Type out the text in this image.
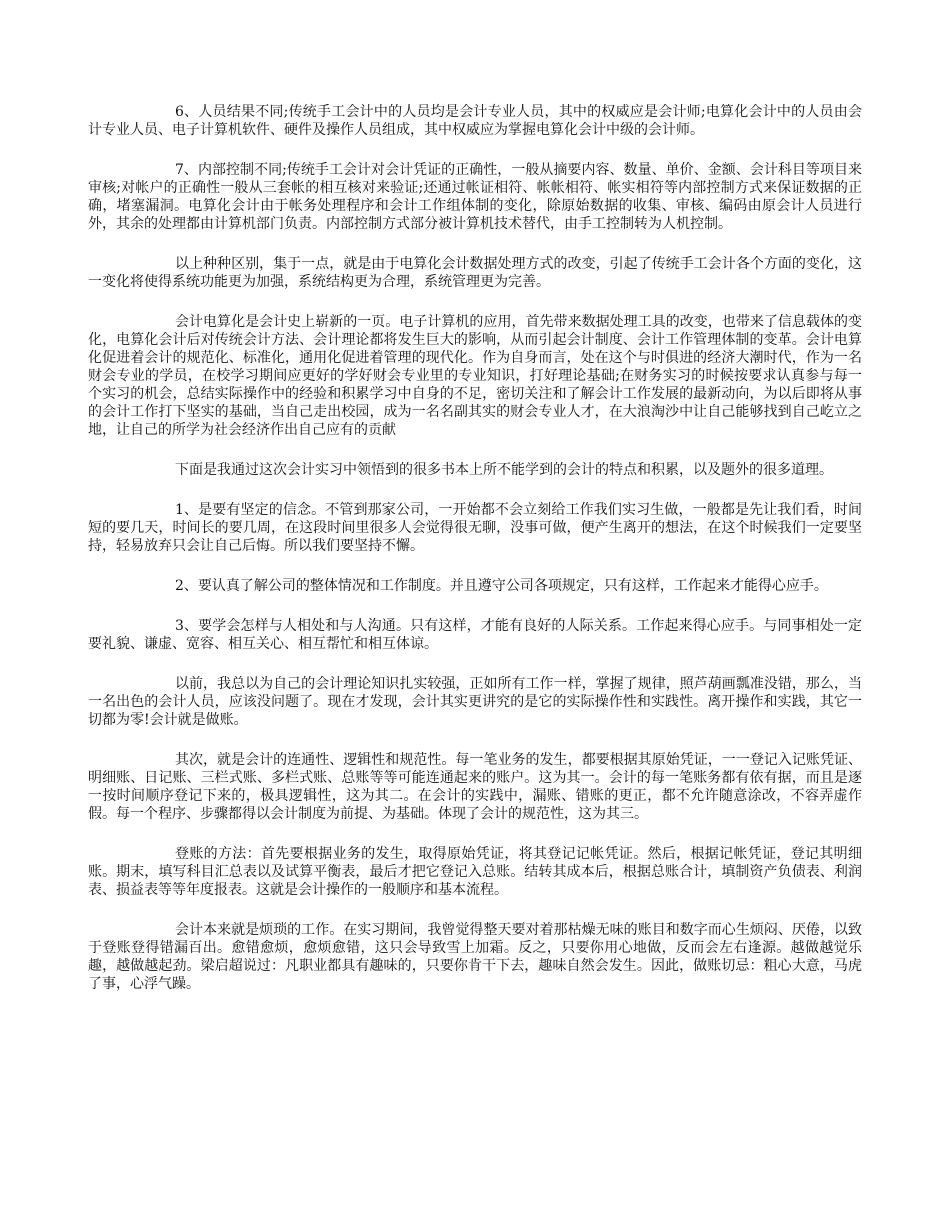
6、人员结果不同;传统手工会计中的人员均是会计专业人员，其中的权威应是会计师;电算化会计中的人员由会计专业人员、电子计算机软件、硬件及操作人员组成，其中权威应为掌握电算化会计中级的会计师。

7、内部控制不同;传统手工会计对会计凭证的正确性，一般从摘要内容、数量、单价、金额、会计科目等项目来审核;对帐户的正确性一般从三套帐的相互核对来验证;还通过帐证相符、帐帐相符、帐实相符等内部控制方式来保证数据的正确，堵塞漏洞。电算化会计由于帐务处理程序和会计工作组体制的变化，除原始数据的收集、审核、编码由原会计人员进行外，其余的处理都由计算机部门负责。内部控制方式部分被计算机技术替代，由手工控制转为人机控制。

以上种种区别，集于一点，就是由于电算化会计数据处理方式的改变，引起了传统手工会计各个方面的变化，这一变化将使得系统功能更为加强，系统结构更为合理，系统管理更为完善。

会计电算化是会计史上崭新的一页。电子计算机的应用，首先带来数据处理工具的改变，也带来了信息载体的变化，电算化会计后对传统会计方法、会计理论都将发生巨大的影响，从而引起会计制度、会计工作管理体制的变革。会计电算化促进着会计的规范化、标准化，通用化促进着管理的现代化。作为自身而言，处在这个与时俱进的经济大潮时代，作为一名财会专业的学员，在校学习期间应更好的学好财会专业里的专业知识，打好理论基础;在财务实习的时候按要求认真参与每一个实习的机会，总结实际操作中的经验和积累学习中自身的不足，密切关注和了解会计工作发展的最新动向，为以后即将从事的会计工作打下坚实的基础，当自己走出校园，成为一名名副其实的财会专业人才，在大浪淘沙中让自己能够找到自己屹立之地，让自己的所学为社会经济作出自己应有的贡献

下面是我通过这次会计实习中领悟到的很多书本上所不能学到的会计的特点和积累，以及题外的很多道理。

1、是要有坚定的信念。不管到那家公司，一开始都不会立刻给工作我们实习生做，一般都是先让我们看，时间短的要几天，时间长的要几周，在这段时间里很多人会觉得很无聊，没事可做，便产生离开的想法，在这个时候我们一定要坚持，轻易放弃只会让自己后悔。所以我们要坚持不懈。

2、要认真了解公司的整体情况和工作制度。并且遵守公司各项规定，只有这样，工作起来才能得心应手。

3、要学会怎样与人相处和与人沟通。只有这样，才能有良好的人际关系。工作起来得心应手。与同事相处一定要礼貌、谦虚、宽容、相互关心、相互帮忙和相互体谅。

以前，我总以为自己的会计理论知识扎实较强，正如所有工作一样，掌握了规律，照芦葫画瓢准没错，那么，当一名出色的会计人员，应该没问题了。现在才发现，会计其实更讲究的是它的实际操作性和实践性。离开操作和实践，其它一切都为零!会计就是做账。

其次，就是会计的连通性、逻辑性和规范性。每一笔业务的发生，都要根据其原始凭证，一一登记入记账凭证、明细账、日记账、三栏式账、多栏式账、总账等等可能连通起来的账户。这为其一。会计的每一笔账务都有依有据，而且是逐一按时间顺序登记下来的，极具逻辑性，这为其二。在会计的实践中，漏账、错账的更正，都不允许随意涂改，不容弄虚作假。每一个程序、步骤都得以会计制度为前提、为基础。体现了会计的规范性，这为其三。

登账的方法：首先要根据业务的发生，取得原始凭证，将其登记记帐凭证。然后，根据记帐凭证，登记其明细账。期末，填写科目汇总表以及试算平衡表，最后才把它登记入总账。结转其成本后，根据总账合计，填制资产负债表、利润表、损益表等等年度报表。这就是会计操作的一般顺序和基本流程。

会计本来就是烦琐的工作。在实习期间，我曾觉得整天要对着那枯燥无味的账目和数字而心生烦闷、厌倦，以致于登账登得错漏百出。愈错愈烦，愈烦愈错，这只会导致雪上加霜。反之，只要你用心地做，反而会左右逢源。越做越觉乐趣，越做越起劲。梁启超说过：凡职业都具有趣味的，只要你肯干下去，趣味自然会发生。因此，做账切忌：粗心大意，马虎了事，心浮气躁。
